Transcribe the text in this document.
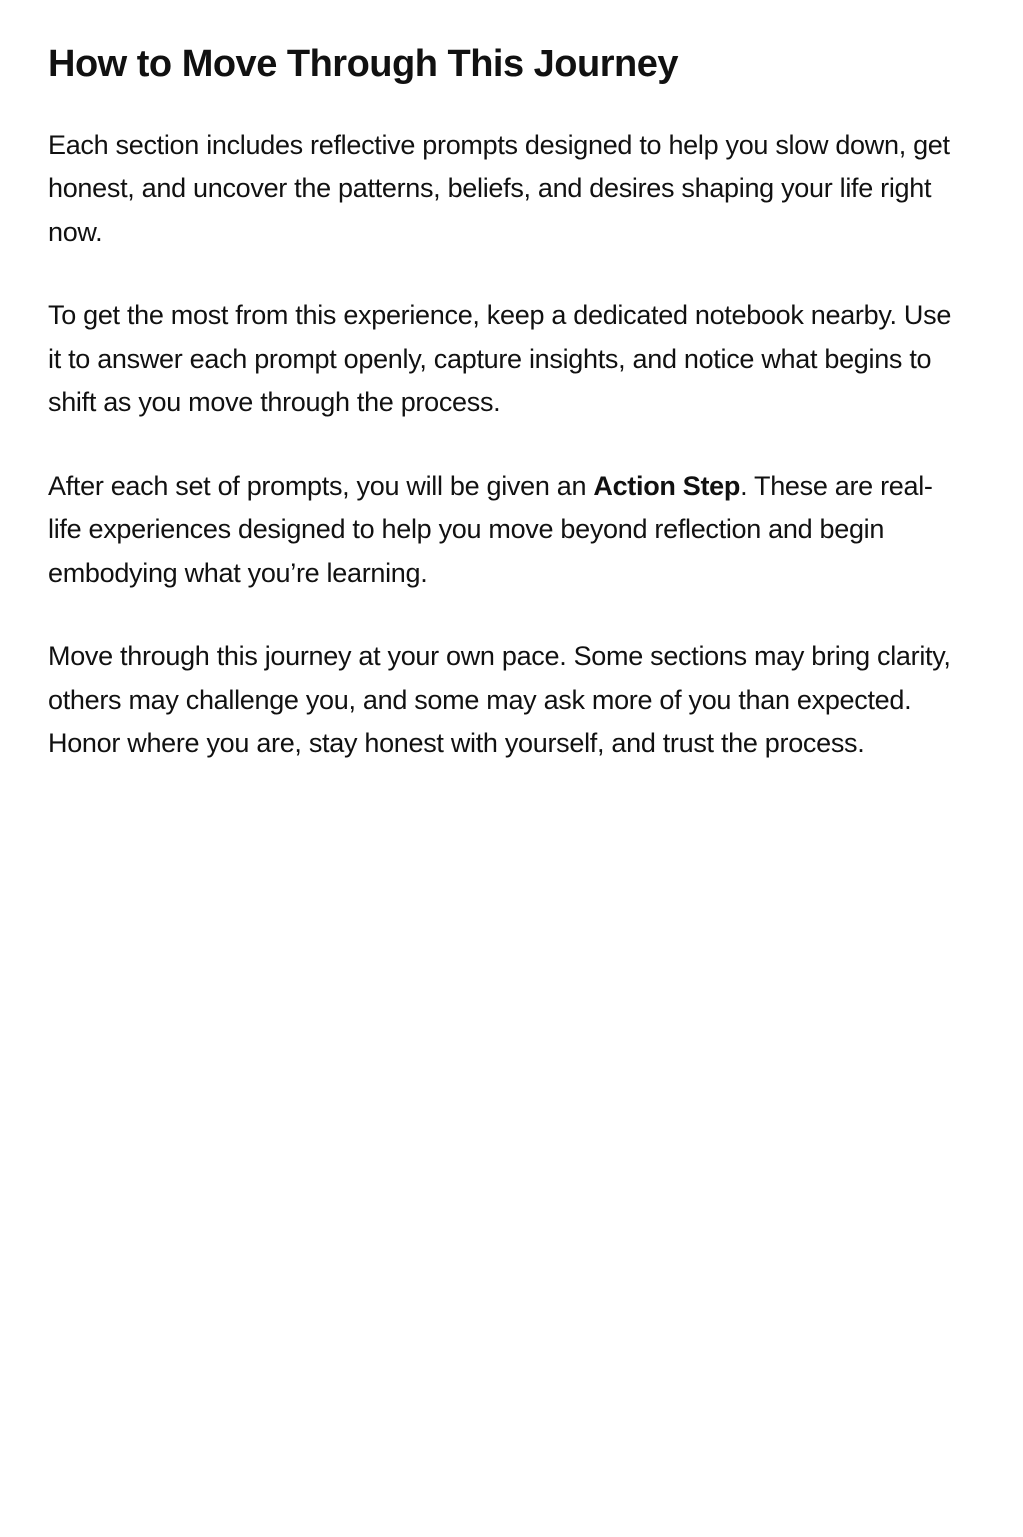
How to Move Through This Journey

Each section includes reflective prompts designed to help you slow down, get honest, and uncover the patterns, beliefs, and desires shaping your life right now.

To get the most from this experience, keep a dedicated notebook nearby. Use it to answer each prompt openly, capture insights, and notice what begins to shift as you move through the process.

After each set of prompts, you will be given an Action Step. These are real-life experiences designed to help you move beyond reflection and begin embodying what you’re learning.

Move through this journey at your own pace. Some sections may bring clarity, others may challenge you, and some may ask more of you than expected. Honor where you are, stay honest with yourself, and trust the process.
